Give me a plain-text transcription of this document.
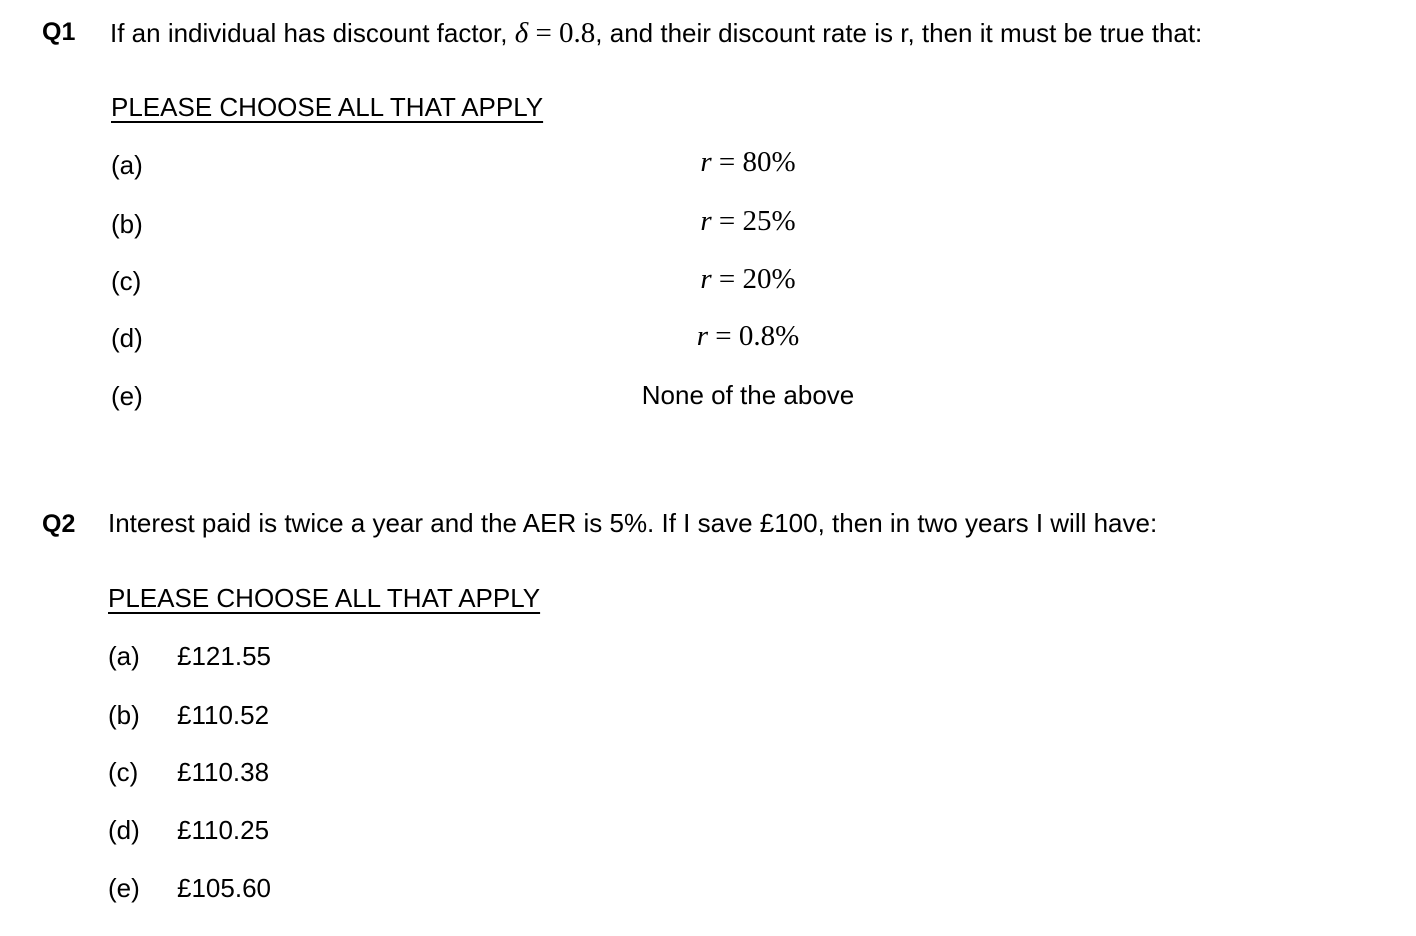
Q1 If an individual has discount factor, δ = 0.8, and their discount rate is r, then it must be true that:
PLEASE CHOOSE ALL THAT APPLY
(a)	r = 80%
(b)	r = 25%
(c)	r = 20%
(d)	r = 0.8%
(e)	None of the above
Q2 Interest paid is twice a year and the AER is 5%. If I save £100, then in two years I will have:
PLEASE CHOOSE ALL THAT APPLY
(a) £121.55
(b) £110.52
(c) £110.38
(d) £110.25
(e) £105.60
